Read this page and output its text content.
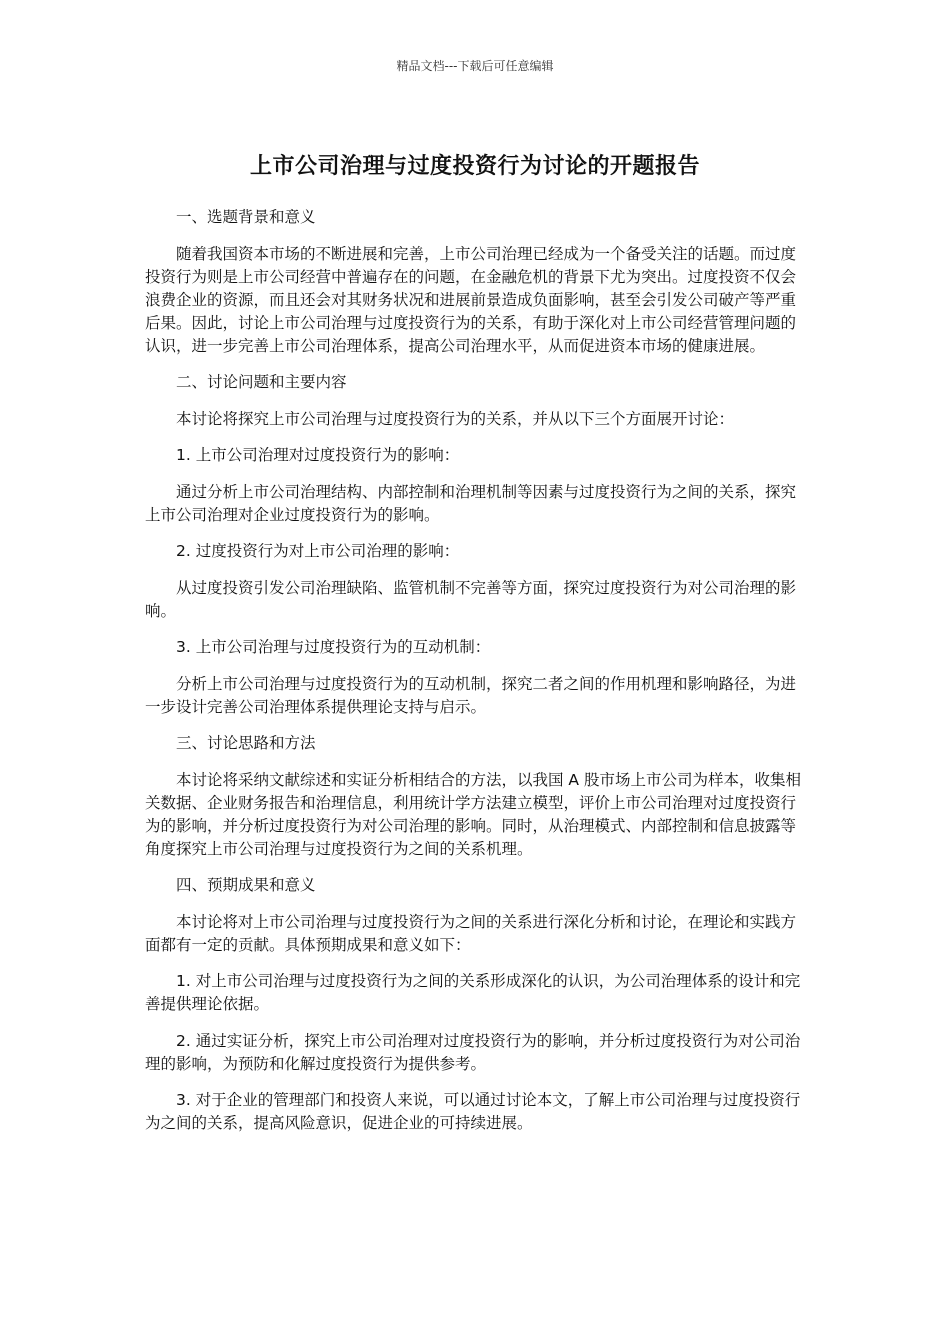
精品文档---下载后可任意编辑
上市公司治理与过度投资行为讨论的开题报告

一、选题背景和意义

随着我国资本市场的不断进展和完善，上市公司治理已经成为一个备受关注的话题。而过度投资行为则是上市公司经营中普遍存在的问题，在金融危机的背景下尤为突出。过度投资不仅会浪费企业的资源，而且还会对其财务状况和进展前景造成负面影响，甚至会引发公司破产等严重后果。因此，讨论上市公司治理与过度投资行为的关系，有助于深化对上市公司经营管理问题的认识，进一步完善上市公司治理体系，提高公司治理水平，从而促进资本市场的健康进展。

二、讨论问题和主要内容

本讨论将探究上市公司治理与过度投资行为的关系，并从以下三个方面展开讨论：

1. 上市公司治理对过度投资行为的影响：

通过分析上市公司治理结构、内部控制和治理机制等因素与过度投资行为之间的关系，探究上市公司治理对企业过度投资行为的影响。

2. 过度投资行为对上市公司治理的影响：

从过度投资引发公司治理缺陷、监管机制不完善等方面，探究过度投资行为对公司治理的影响。

3. 上市公司治理与过度投资行为的互动机制：

分析上市公司治理与过度投资行为的互动机制，探究二者之间的作用机理和影响路径，为进一步设计完善公司治理体系提供理论支持与启示。

三、讨论思路和方法

本讨论将采纳文献综述和实证分析相结合的方法，以我国 A 股市场上市公司为样本，收集相关数据、企业财务报告和治理信息，利用统计学方法建立模型，评价上市公司治理对过度投资行为的影响，并分析过度投资行为对公司治理的影响。同时，从治理模式、内部控制和信息披露等角度探究上市公司治理与过度投资行为之间的关系机理。

四、预期成果和意义

本讨论将对上市公司治理与过度投资行为之间的关系进行深化分析和讨论，在理论和实践方面都有一定的贡献。具体预期成果和意义如下：

1. 对上市公司治理与过度投资行为之间的关系形成深化的认识，为公司治理体系的设计和完善提供理论依据。

2. 通过实证分析，探究上市公司治理对过度投资行为的影响，并分析过度投资行为对公司治理的影响，为预防和化解过度投资行为提供参考。

3. 对于企业的管理部门和投资人来说，可以通过讨论本文，了解上市公司治理与过度投资行为之间的关系，提高风险意识，促进企业的可持续进展。
